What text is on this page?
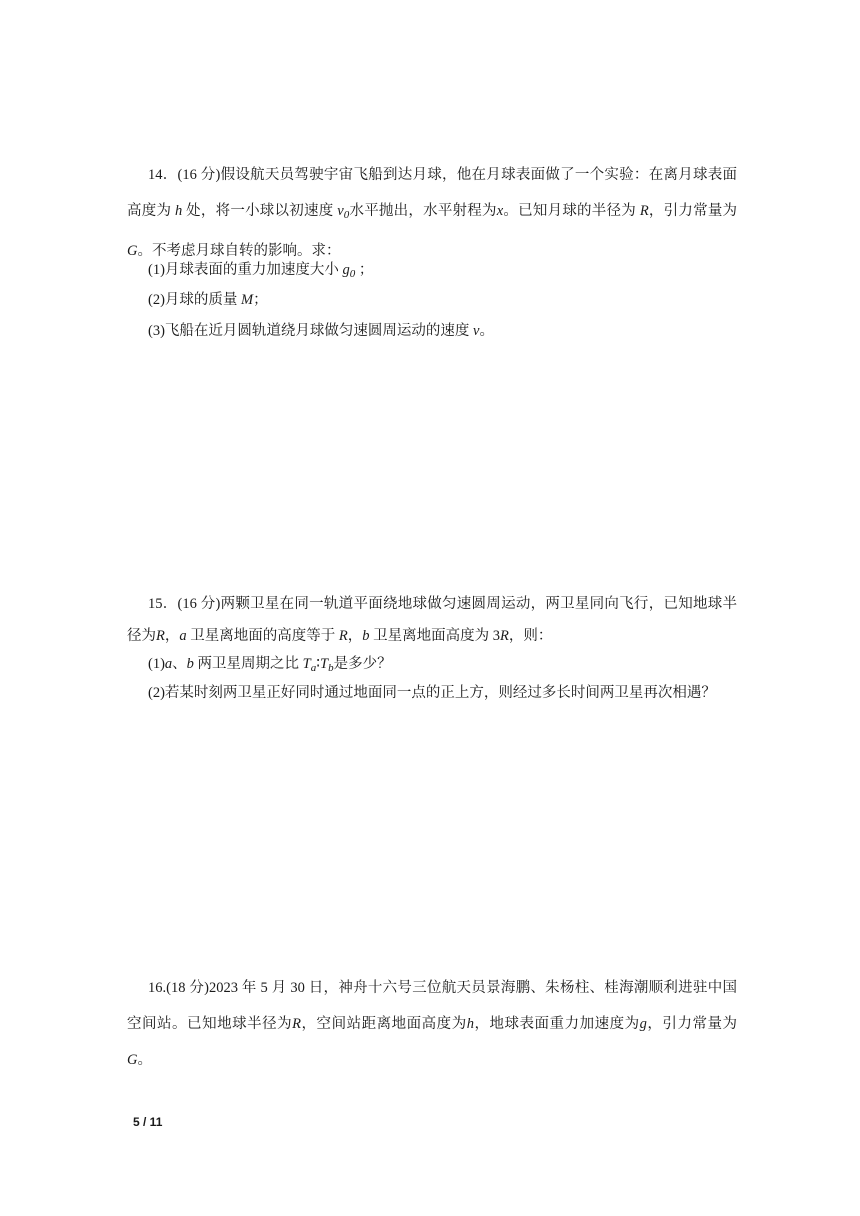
14．(16 分)假设航天员驾驶宇宙飞船到达月球，他在月球表面做了一个实验：在离月球表面高度为 h 处，将一小球以初速度 $v_0$水平抛出，水平射程为x。已知月球的半径为 R，引力常量为 G。不考虑月球自转的影响。求：

(1)月球表面的重力加速度大小 $g_0$ ；

(2)月球的质量 M；

(3)飞船在近月圆轨道绕月球做匀速圆周运动的速度 v。

15．(16 分)两颗卫星在同一轨道平面绕地球做匀速圆周运动，两卫星同向飞行，已知地球半径为R，a 卫星离地面的高度等于 R，b 卫星离地面高度为 3R，则：

(1)a、b 两卫星周期之比 $T_a∶T_b$是多少？

(2)若某时刻两卫星正好同时通过地面同一点的正上方，则经过多长时间两卫星再次相遇？

16.(18 分)2023 年 5 月 30 日，神舟十六号三位航天员景海鹏、朱杨柱、桂海潮顺利进驻中国空间站。已知地球半径为R，空间站距离地面高度为h，地球表面重力加速度为g，引力常量为G。

5 / 11
